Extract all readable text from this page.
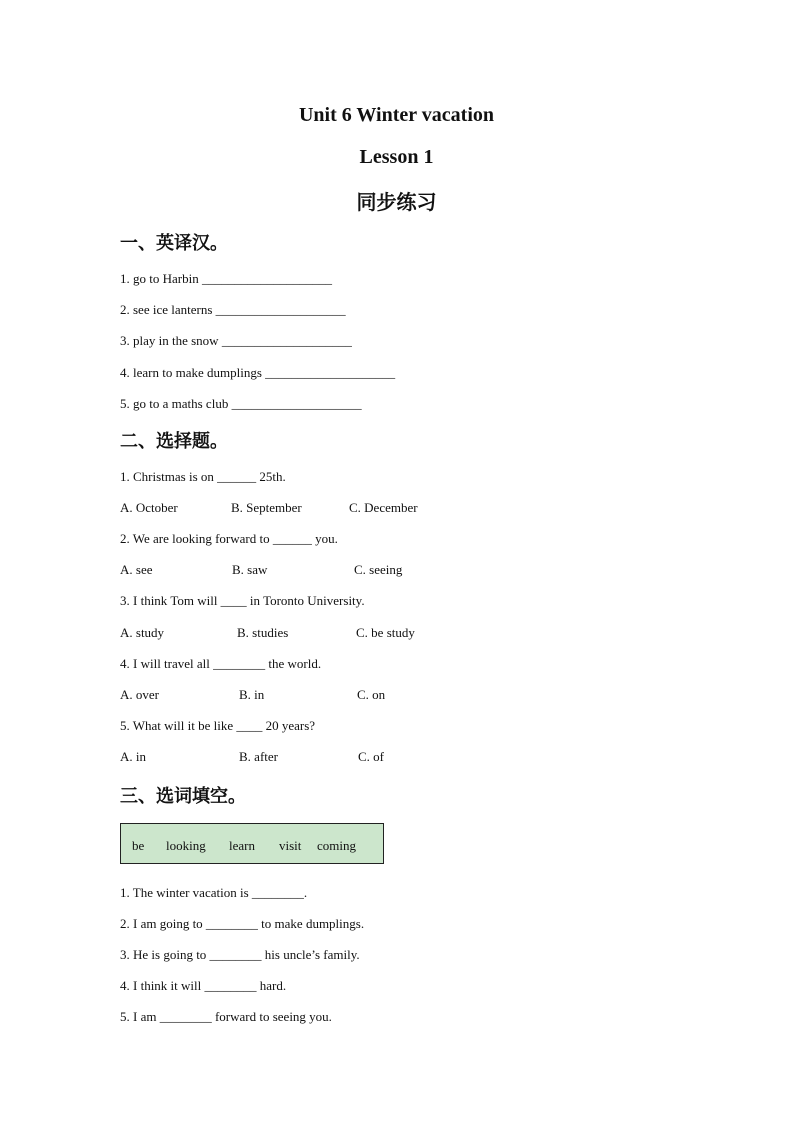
Unit 6 Winter vacation
Lesson 1
同步练习
一、英译汉。
1. go to Harbin ____________________
2. see ice lanterns ____________________
3. play in the snow ____________________
4. learn to make dumplings ____________________
5. go to a maths club ____________________
二、选择题。
1. Christmas is on ______ 25th.
A. October	B. September	C. December
2. We are looking forward to ______ you.
A. see	B. saw	C. seeing
3. I think Tom will ____ in Toronto University.
A. study	B. studies	C. be study
4. I will travel all ________ the world.
A. over	B. in	C. on
5. What will it be like ____ 20 years?
A. in	B. after	C. of
三、选词填空。
be looking learn visit coming
1. The winter vacation is ________.
2. I am going to ________ to make dumplings.
3. He is going to ________ his uncle’s family.
4. I think it will ________ hard.
5. I am ________ forward to seeing you.
